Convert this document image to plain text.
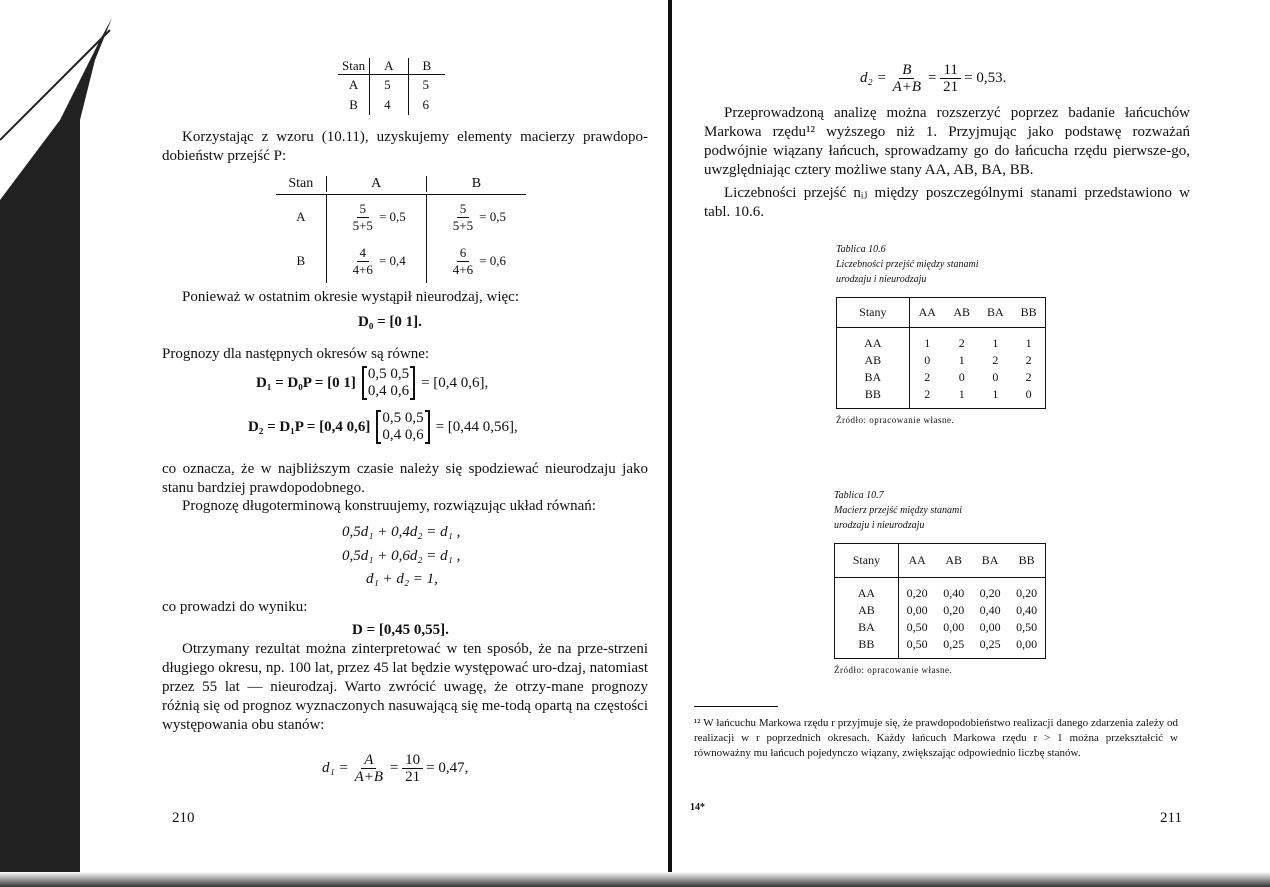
Stan	A	B
A	5	5
B	4	6

Korzystając z wzoru (10.11), uzyskujemy elementy macierzy prawdopo-dobieństw przejść P:

Stan	A	B
A	$\frac{5}{5+5} = 0,5$	$\frac{5}{5+5} = 0,5$
B	$\frac{4}{4+6} = 0,4$	$\frac{6}{4+6} = 0,6$

Ponieważ w ostatnim okresie wystąpił nieurodzaj, więc:

D₀ = [0 1].

Prognozy dla następnych okresów są równe:

D₁ = D₀P = [0 1]
0,5 0,5
0,4 0,6
= [0,4 0,6],
D₂ = D₁P = [0,4 0,6]
0,5 0,5
0,4 0,6
= [0,44 0,56],

co oznacza, że w najbliższym czasie należy się spodziewać nieurodzaju jako stanu bardziej prawdopodobnego.

Prognozę długoterminową konstruujemy, rozwiązując układ równań:

0,5d₁ + 0,4d₂ = d₁ ,

0,5d₁ + 0,6d₂ = d₁ ,

d₁ + d₂ = 1,

co prowadzi do wyniku:

D = [0,45 0,55].

Otrzymany rezultat można zinterpretować w ten sposób, że na prze-strzeni długiego okresu, np. 100 lat, przez 45 lat będzie występować uro-dzaj, natomiast przez 55 lat — nieurodzaj. Warto zwrócić uwagę, że otrzy-mane prognozy różnią się od prognoz wyznaczonych nasuwającą się me-todą opartą na częstości występowania obu stanów:

$d_1 = \frac{A}{A+B} = \frac{10}{21} = 0,47$,

210

$d_2 = \frac{B}{A+B} = \frac{11}{21} = 0,53$.

Przeprowadzoną analizę można rozszerzyć poprzez badanie łańcuchów Markowa rzędu¹² wyższego niż 1. Przyjmując jako podstawę rozważań podwójnie wiązany łańcuch, sprowadzamy go do łańcucha rzędu pierwsze-go, uwzględniając cztery możliwe stany AA, AB, BA, BB.

Liczebności przejść nᵢⱼ między poszczególnymi stanami przedstawiono w tabl. 10.6.

Tablica 10.6
Liczebności przejść między stanami
urodzaju i nieurodzaju
Stany	AA	AB	BA	BB
AA	1	2	1	1
AB	0	1	2	2
BA	2	0	0	2
BB	2	1	1	0
Źródło: opracowanie własne.
Tablica 10.7
Macierz przejść między stanami
urodzaju i nieurodzaju
Stany	AA	AB	BA	BB
AA	0,20	0,40	0,20	0,20
AB	0,00	0,20	0,40	0,40
BA	0,50	0,00	0,00	0,50
BB	0,50	0,25	0,25	0,00
Źródło: opracowanie własne.

¹² W łańcuchu Markowa rzędu r przyjmuje się, że prawdopodobieństwo realizacji danego zdarzenia zależy od realizacji w r poprzednich okresach. Każdy łańcuch Markowa rzędu r > 1 można przekształcić w równoważny mu łańcuch pojedynczo wiązany, zwiększając odpowiednio liczbę stanów.

14*

211
